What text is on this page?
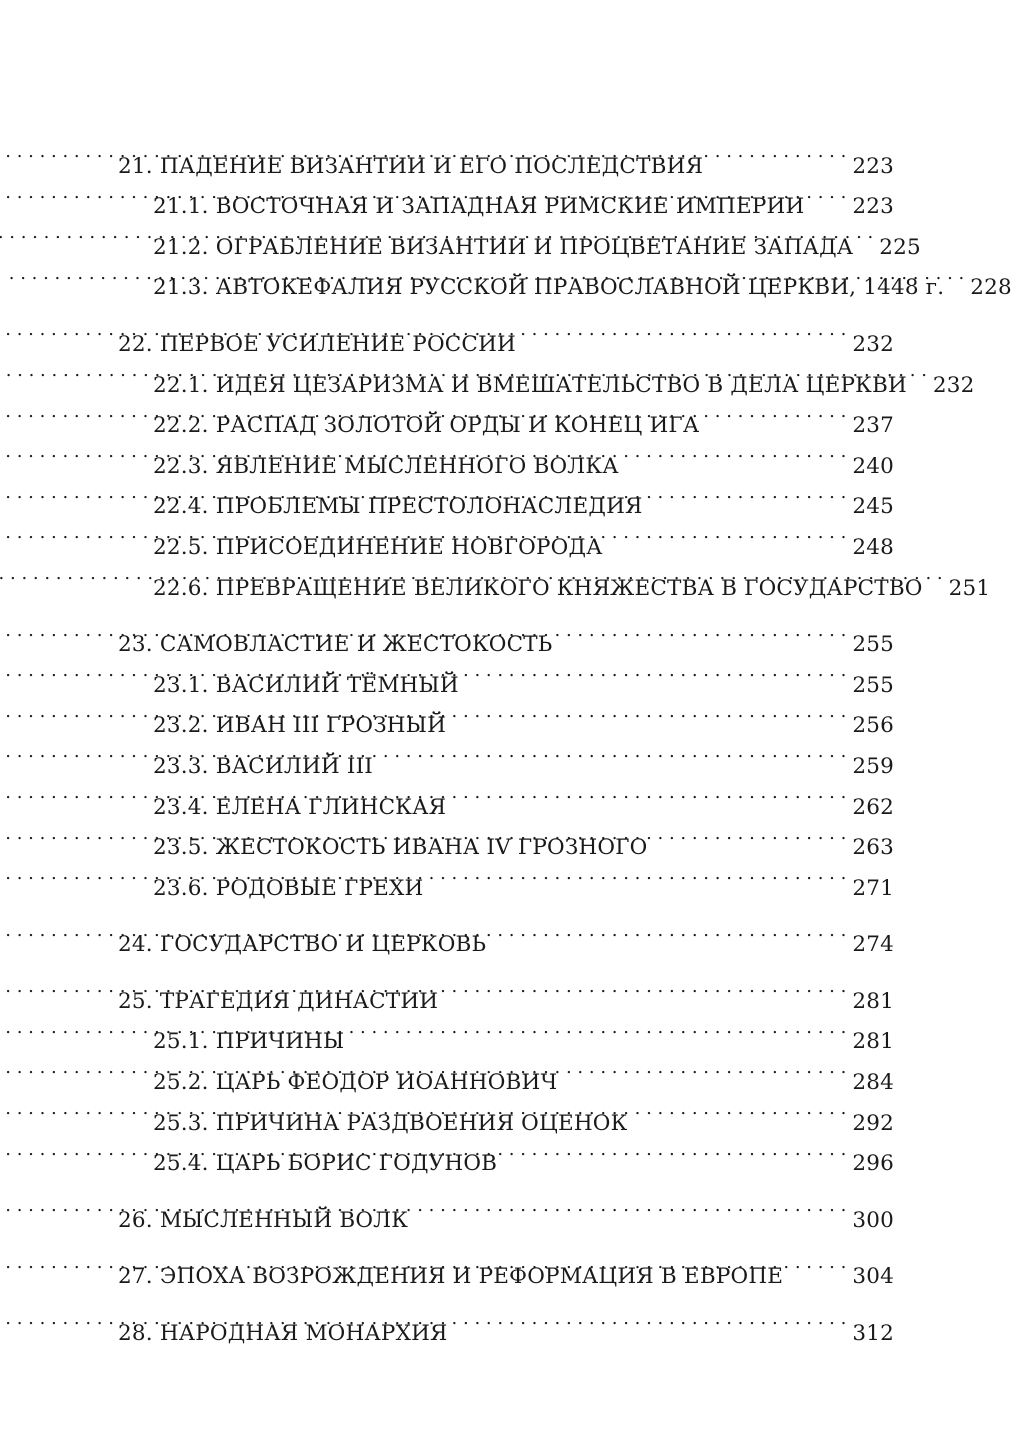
21. ПАДЕНИЕ ВИЗАНТИИ И ЕГО ПОСЛЕДСТВИЯ . . .	223
21.1. ВОСТОЧНАЯ И ЗАПАДНАЯ РИМСКИЕ ИМПЕРИИ . . . 223
21.2. ОГРАБЛЕНИЕ ВИЗАНТИИ И ПРОЦВЕТАНИЕ ЗАПАДА . . . 225
21.3. АВТОКЕФАЛИЯ РУССКОЙ ПРАВОСЛАВНОЙ ЦЕРКВИ, 1448 г. . . . 228
22. ПЕРВОЕ УСИЛЕНИЕ РОССИИ . . .	232
22.1. ИДЕЯ ЦЕЗАРИЗМА И ВМЕШАТЕЛЬСТВО В ДЕЛА ЦЕРКВИ . . . 232
22.2. РАСПАД ЗОЛОТОЙ ОРДЫ И КОНЕЦ ИГА . . .	237
22.3. ЯВЛЕНИЕ МЫСЛЕННОГО ВОЛКА . . .	240
22.4. ПРОБЛЕМЫ ПРЕСТОЛОНАСЛЕДИЯ . . .	245
22.5. ПРИСОЕДИНЕНИЕ НОВГОРОДА . . .	248
22.6. ПРЕВРАЩЕНИЕ ВЕЛИКОГО КНЯЖЕСТВА В ГОСУДАРСТВО . . . 251
23. САМОВЛАСТИЕ И ЖЕСТОКОСТЬ . . .	255
23.1. ВАСИЛИЙ ТЁМНЫЙ . . .	255
23.2. ИВАН III ГРОЗНЫЙ . . .	256
23.3. ВАСИЛИЙ III . . .	259
23.4. ЕЛЕНА ГЛИНСКАЯ . . .	262
23.5. ЖЕСТОКОСТЬ ИВАНА IV ГРОЗНОГО . . .	263
23.6. РОДОВЫЕ ГРЕХИ . . .	271
24. ГОСУДАРСТВО И ЦЕРКОВЬ . . .	274
25. ТРАГЕДИЯ ДИНАСТИИ . . .	281
25.1. ПРИЧИНЫ . . .	281
25.2. ЦАРЬ ФЕОДОР ИОАННОВИЧ . . .	284
25.3. ПРИЧИНА РАЗДВОЕНИЯ ОЦЕНОК . . .	292
25.4. ЦАРЬ БОРИС ГОДУНОВ . . .	296
26. МЫСЛЕННЫЙ ВОЛК . . .	300
27. ЭПОХА ВОЗРОЖДЕНИЯ И РЕФОРМАЦИЯ В ЕВРОПЕ . . .	304
28. НАРОДНАЯ МОНАРХИЯ . . .	312
